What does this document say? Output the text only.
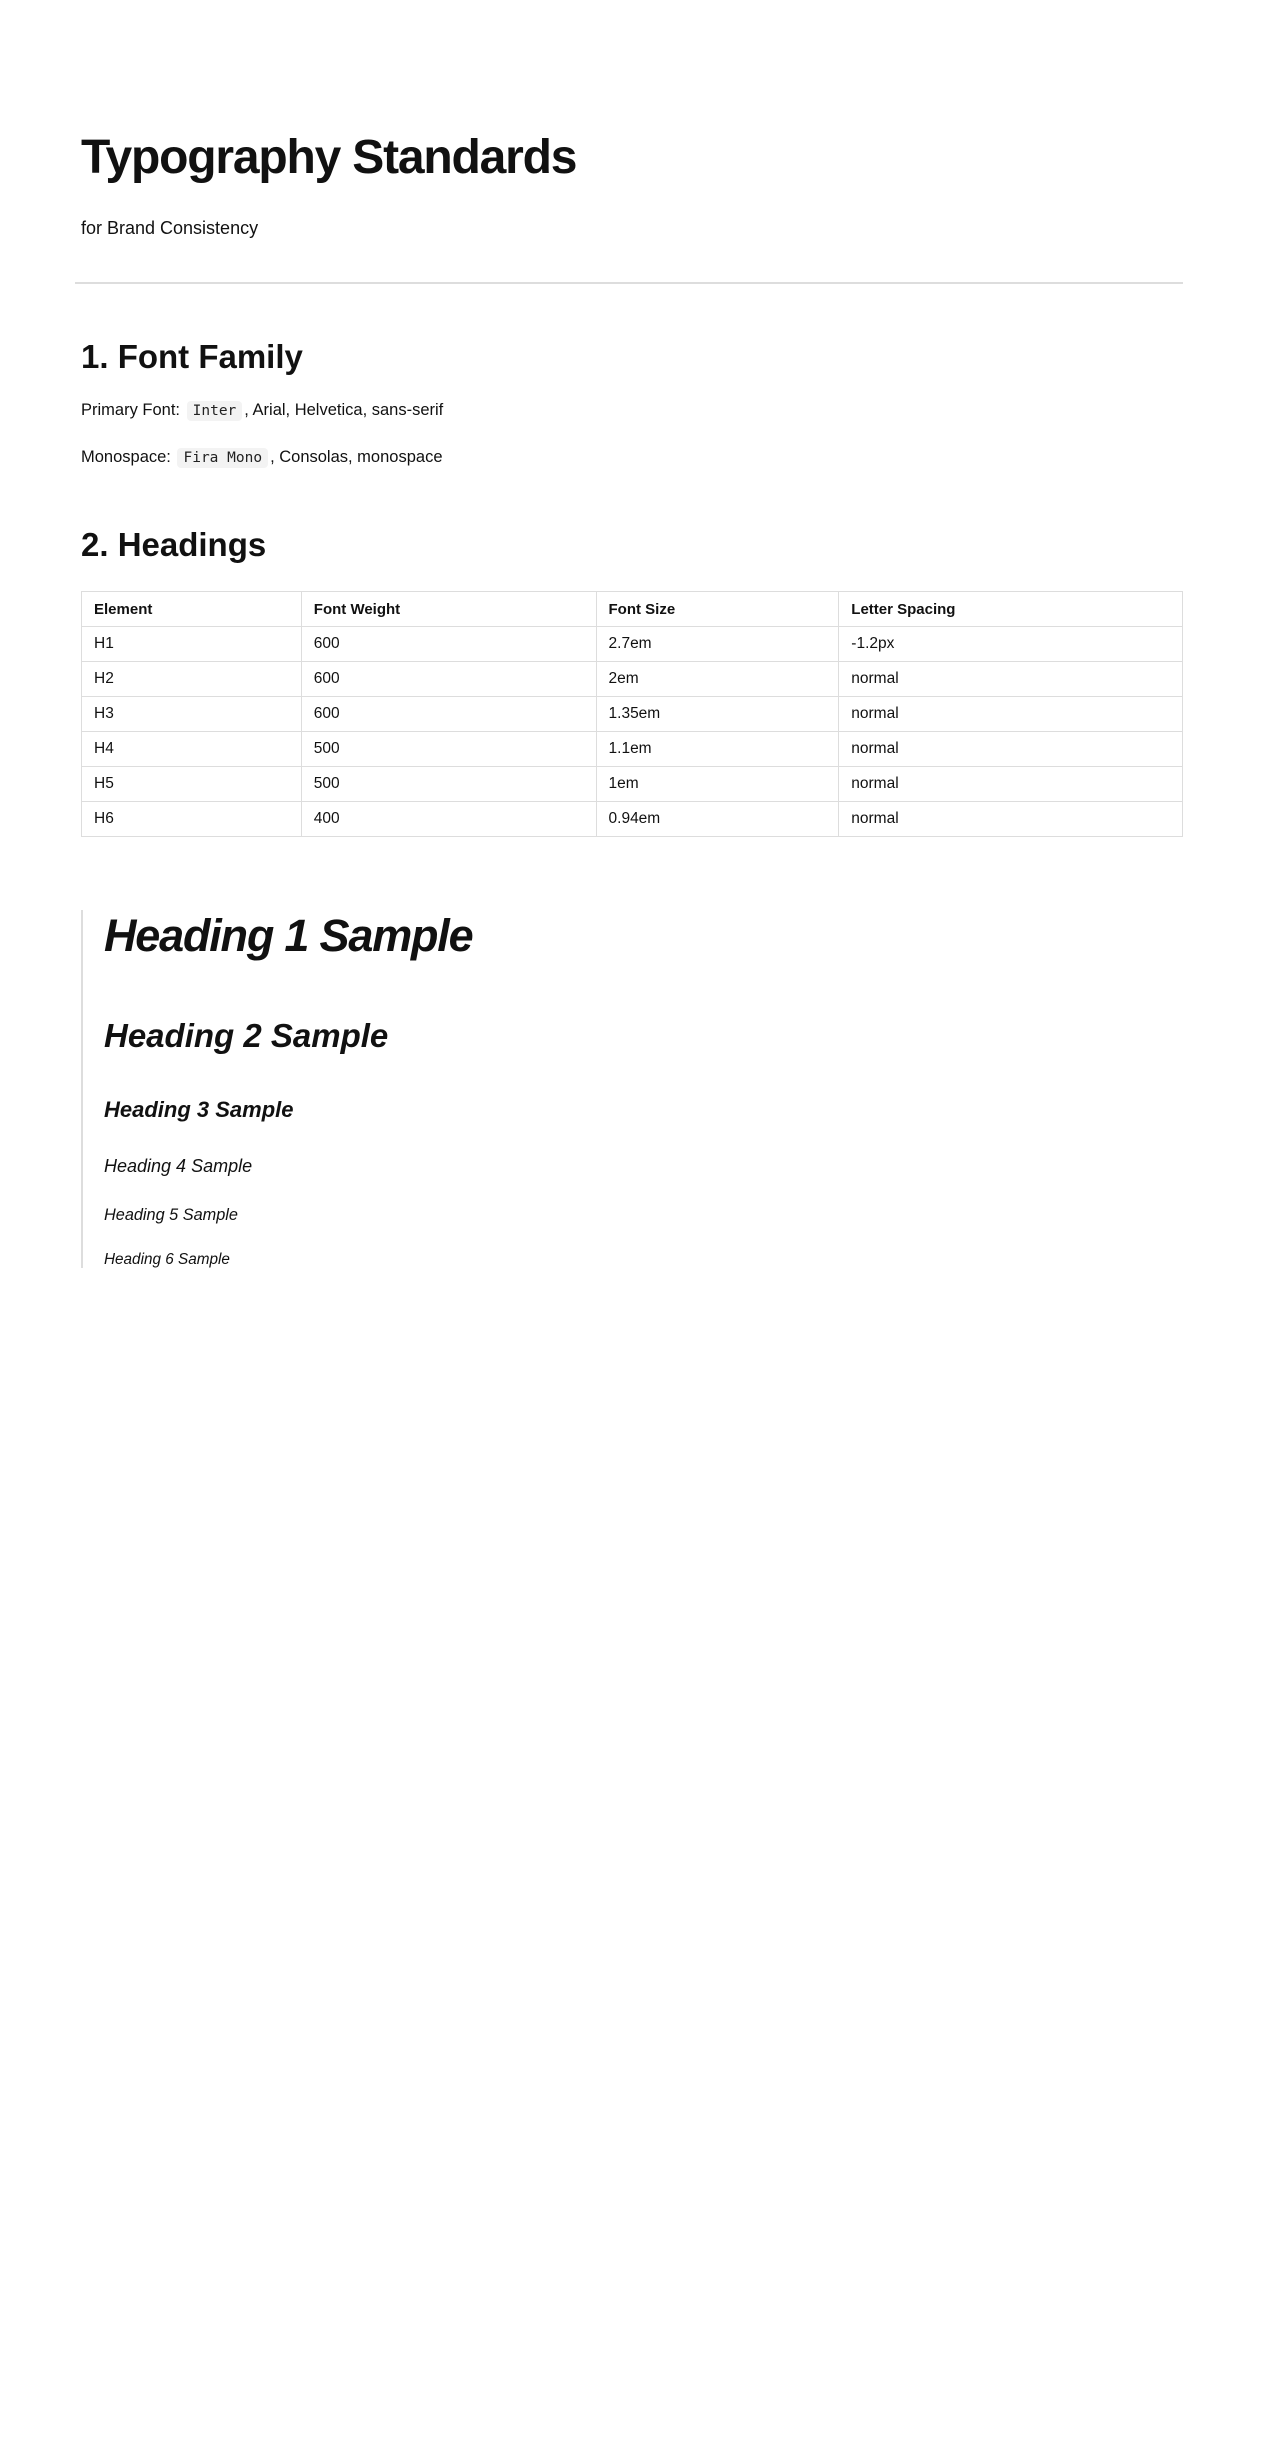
Typography Standards

for Brand Consistency

1. Font Family

Primary Font: Inter , Arial, Helvetica, sans-serif

Monospace: Fira Mono , Consolas, monospace

2. Headings
Element	Font Weight	Font Size	Letter Spacing
H1	600	2.7em	-1.2px
H2	600	2em	normal
H3	600	1.35em	normal
H4	500	1.1em	normal
H5	500	1em	normal
H6	400	0.94em	normal
Heading 1 Sample
Heading 2 Sample
Heading 3 Sample
Heading 4 Sample
Heading 5 Sample
Heading 6 Sample
